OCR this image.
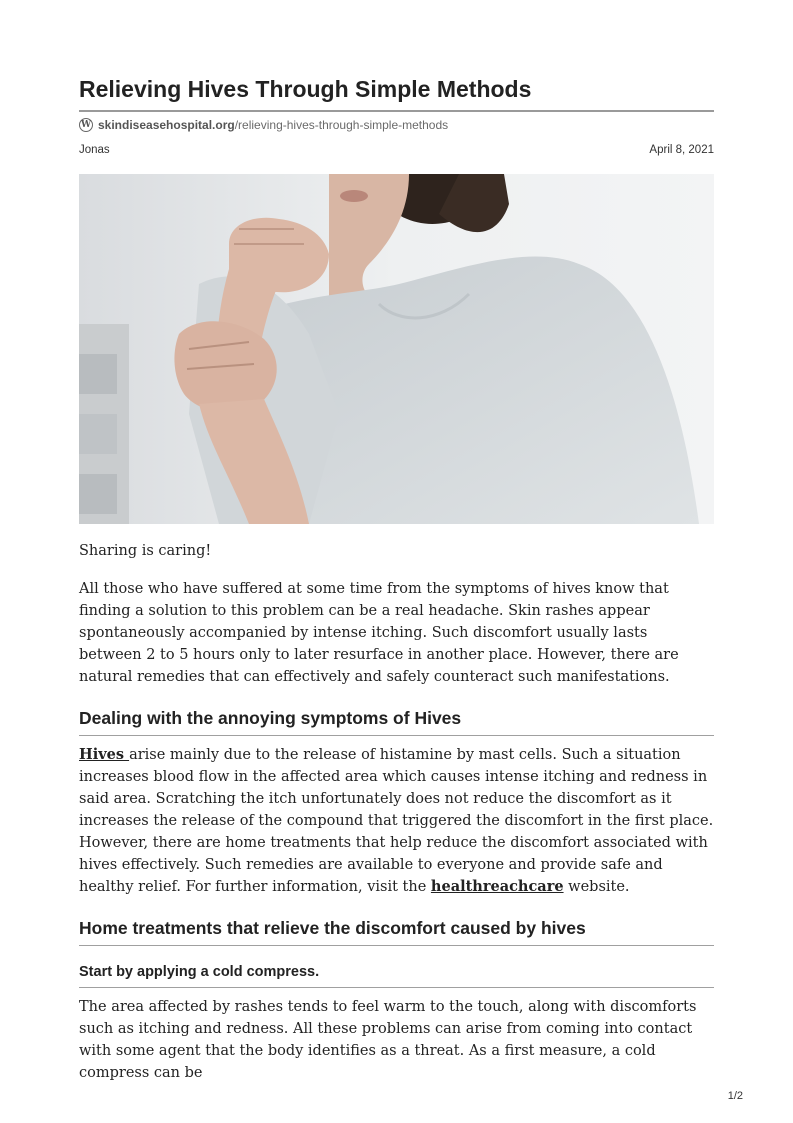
Relieving Hives Through Simple Methods
W skindiseasehospital.org /relieving-hives-through-simple-methods
Jonas	April 8, 2021

Sharing is caring!

All those who have suffered at some time from the symptoms of hives know that finding a solution to this problem can be a real headache. Skin rashes appear spontaneously accompanied by intense itching. Such discomfort usually lasts between 2 to 5 hours only to later resurface in another place. However, there are natural remedies that can effectively and safely counteract such manifestations.

Dealing with the annoying symptoms of Hives

Hives arise mainly due to the release of histamine by mast cells. Such a situation increases blood flow in the affected area which causes intense itching and redness in said area. Scratching the itch unfortunately does not reduce the discomfort as it increases the release of the compound that triggered the discomfort in the first place. However, there are home treatments that help reduce the discomfort associated with hives effectively. Such remedies are available to everyone and provide safe and healthy relief. For further information, visit the healthreachcare website.

Home treatments that relieve the discomfort caused by hives
Start by applying a cold compress.

The area affected by rashes tends to feel warm to the touch, along with discomforts such as itching and redness. All these problems can arise from coming into contact with some agent that the body identifies as a threat. As a first measure, a cold compress can be

1/2
